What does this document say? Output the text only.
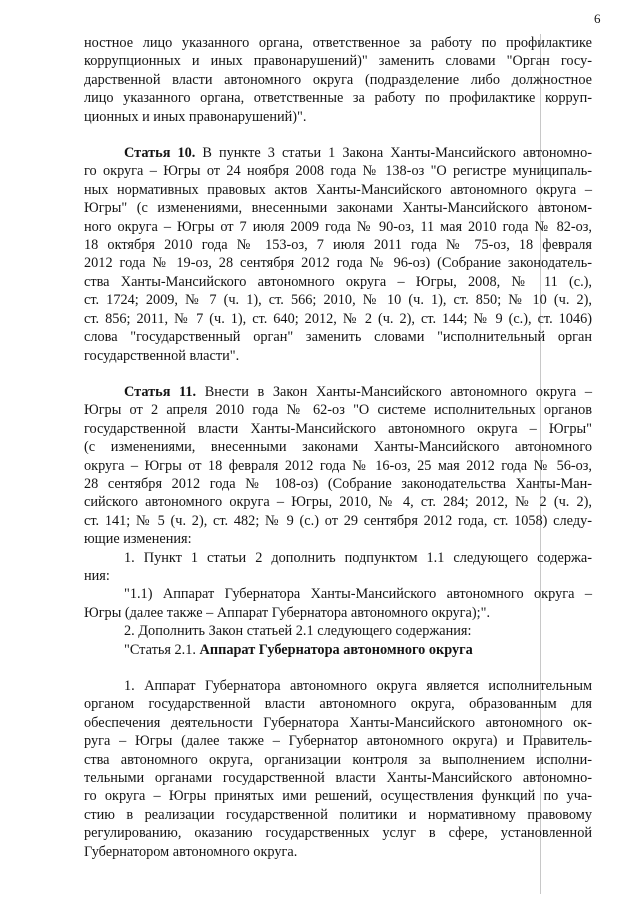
6
ностное лицо указанного органа, ответственное за работу по профилактике
коррупционных и иных правонарушений)" заменить словами "Орган госу-
дарственной власти автономного округа (подразделение либо должностное
лицо указанного органа, ответственные за работу по профилактике корруп-
ционных и иных правонарушений)".
Статья 10. В пункте 3 статьи 1 Закона Ханты-Мансийского автономно-
го округа – Югры от 24 ноября 2008 года № 138-оз "О регистре муниципаль-
ных нормативных правовых актов Ханты-Мансийского автономного округа –
Югры" (с изменениями, внесенными законами Ханты-Мансийского автоном-
ного округа – Югры от 7 июля 2009 года № 90-оз, 11 мая 2010 года № 82-оз,
18 октября 2010 года № 153-оз, 7 июля 2011 года № 75-оз, 18 февраля
2012 года № 19-оз, 28 сентября 2012 года № 96-оз) (Собрание законодатель-
ства Ханты-Мансийского автономного округа – Югры, 2008, № 11 (с.),
ст. 1724; 2009, № 7 (ч. 1), ст. 566; 2010, № 10 (ч. 1), ст. 850; № 10 (ч. 2),
ст. 856; 2011, № 7 (ч. 1), ст. 640; 2012, № 2 (ч. 2), ст. 144; № 9 (с.), ст. 1046)
слова "государственный орган" заменить словами "исполнительный орган
государственной власти".
Статья 11. Внести в Закон Ханты-Мансийского автономного округа –
Югры от 2 апреля 2010 года № 62-оз "О системе исполнительных органов
государственной власти Ханты-Мансийского автономного округа – Югры"
(с изменениями, внесенными законами Ханты-Мансийского автономного
округа – Югры от 18 февраля 2012 года № 16-оз, 25 мая 2012 года № 56-оз,
28 сентября 2012 года № 108-оз) (Собрание законодательства Ханты-Ман-
сийского автономного округа – Югры, 2010, № 4, ст. 284; 2012, № 2 (ч. 2),
ст. 141; № 5 (ч. 2), ст. 482; № 9 (с.) от 29 сентября 2012 года, ст. 1058) следу-
ющие изменения:
1. Пункт 1 статьи 2 дополнить подпунктом 1.1 следующего содержа-
ния:
"1.1) Аппарат Губернатора Ханты-Мансийского автономного округа –
Югры (далее также – Аппарат Губернатора автономного округа);".
2. Дополнить Закон статьей 2.1 следующего содержания:
"Статья 2.1. Аппарат Губернатора автономного округа
1. Аппарат Губернатора автономного округа является исполнительным
органом государственной власти автономного округа, образованным для
обеспечения деятельности Губернатора Ханты-Мансийского автономного ок-
руга – Югры (далее также – Губернатор автономного округа) и Правитель-
ства автономного округа, организации контроля за выполнением исполни-
тельными органами государственной власти Ханты-Мансийского автономно-
го округа – Югры принятых ими решений, осуществления функций по уча-
стию в реализации государственной политики и нормативному правовому
регулированию, оказанию государственных услуг в сфере, установленной
Губернатором автономного округа.
